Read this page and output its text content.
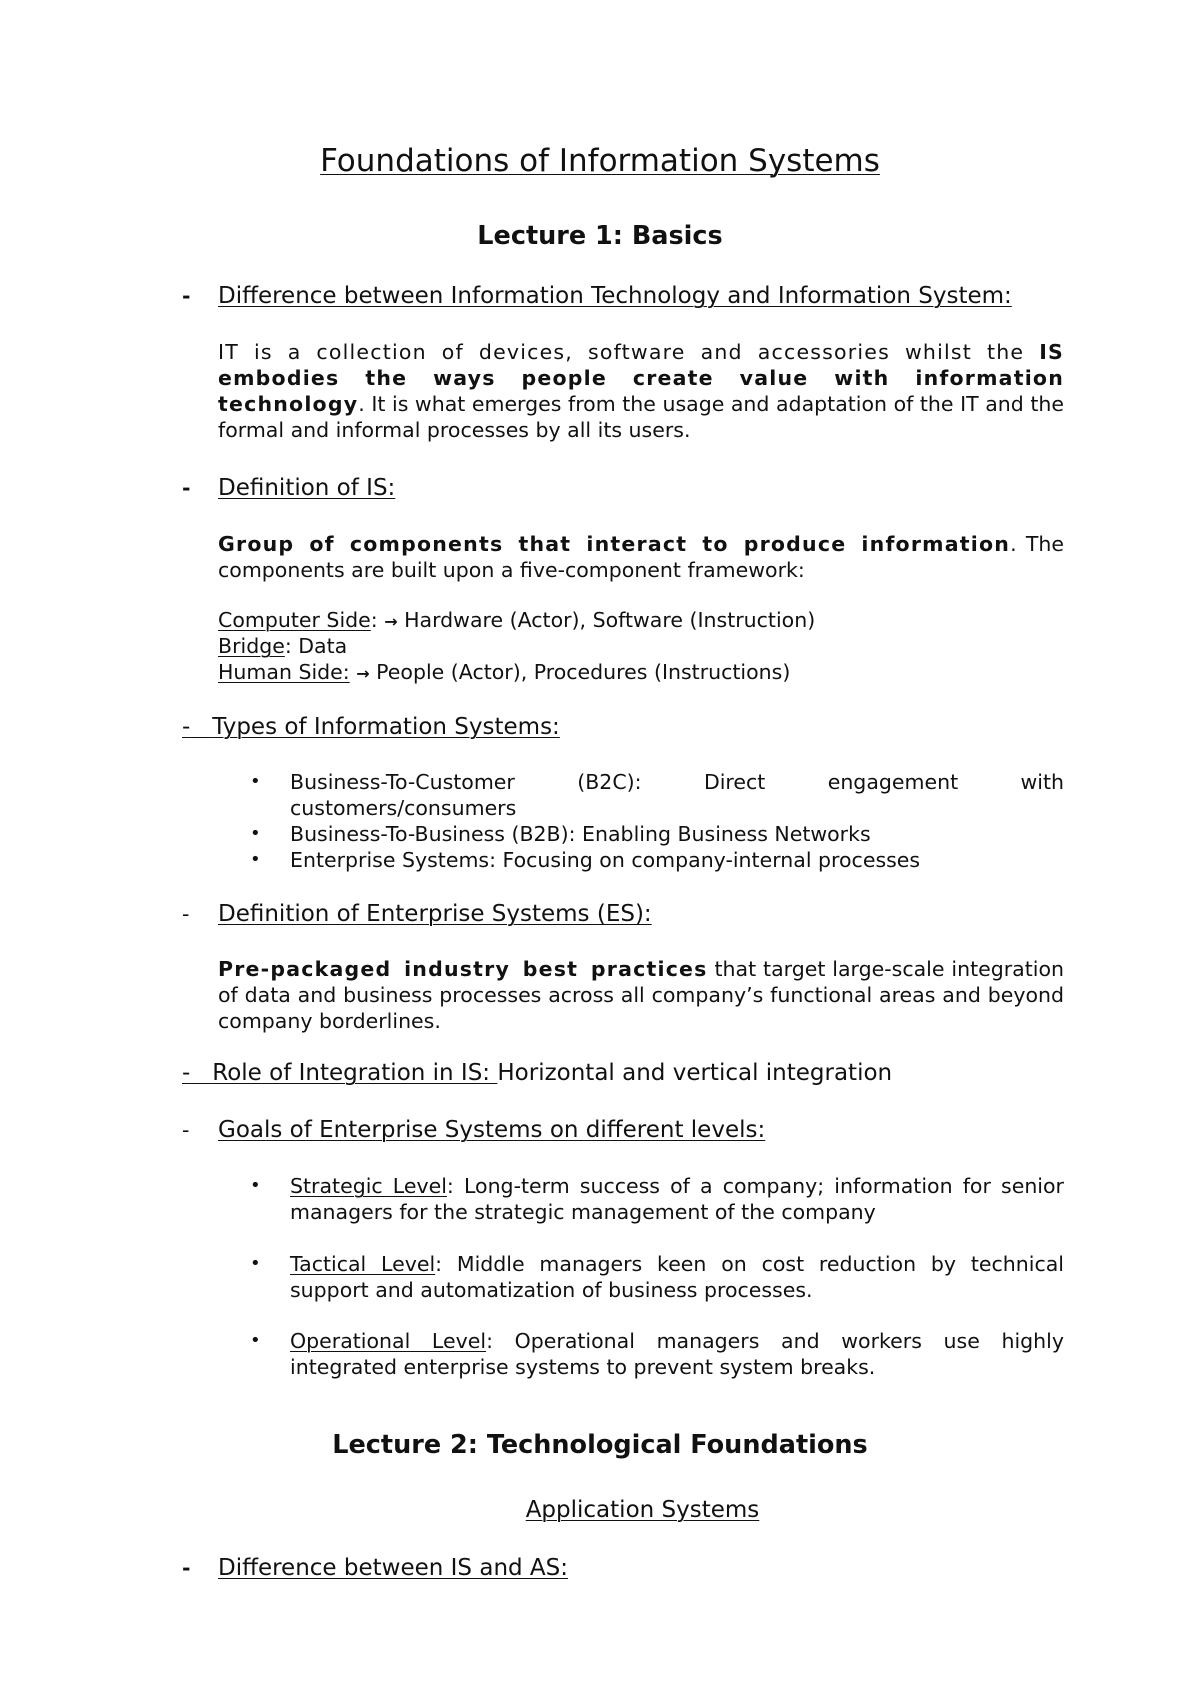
Foundations of Information Systems
Lecture 1: Basics
-	Difference between Information Technology and Information System:
IT is a collection of devices, software and accessories whilst the IS embodies the ways people create value with information technology. It is what emerges from the usage and adaptation of the IT and the formal and informal processes by all its users.
-	Definition of IS:
Group of components that interact to produce information. The components are built upon a five-component framework:
Computer Side: → Hardware (Actor), Software (Instruction)
Bridge: Data
Human Side: → People (Actor), Procedures (Instructions)
- Types of Information Systems:
• Business-To-Customer	(B2C):	Direct	engagement	with
customers/consumers
• Business-To-Business (B2B): Enabling Business Networks
• Enterprise Systems: Focusing on company-internal processes
-	Definition of Enterprise Systems (ES):
Pre-packaged industry best practices that target large-scale integration of data and business processes across all company’s functional areas and beyond company borderlines.
- Role of Integration in IS: Horizontal and vertical integration
-	Goals of Enterprise Systems on different levels:
• Strategic Level: Long-term success of a company; information for senior managers for the strategic management of the company
• Tactical Level: Middle managers keen on cost reduction by technical support and automatization of business processes.
• Operational Level: Operational managers and workers use highly integrated enterprise systems to prevent system breaks.
Lecture 2: Technological Foundations
Application Systems
-	Difference between IS and AS:
